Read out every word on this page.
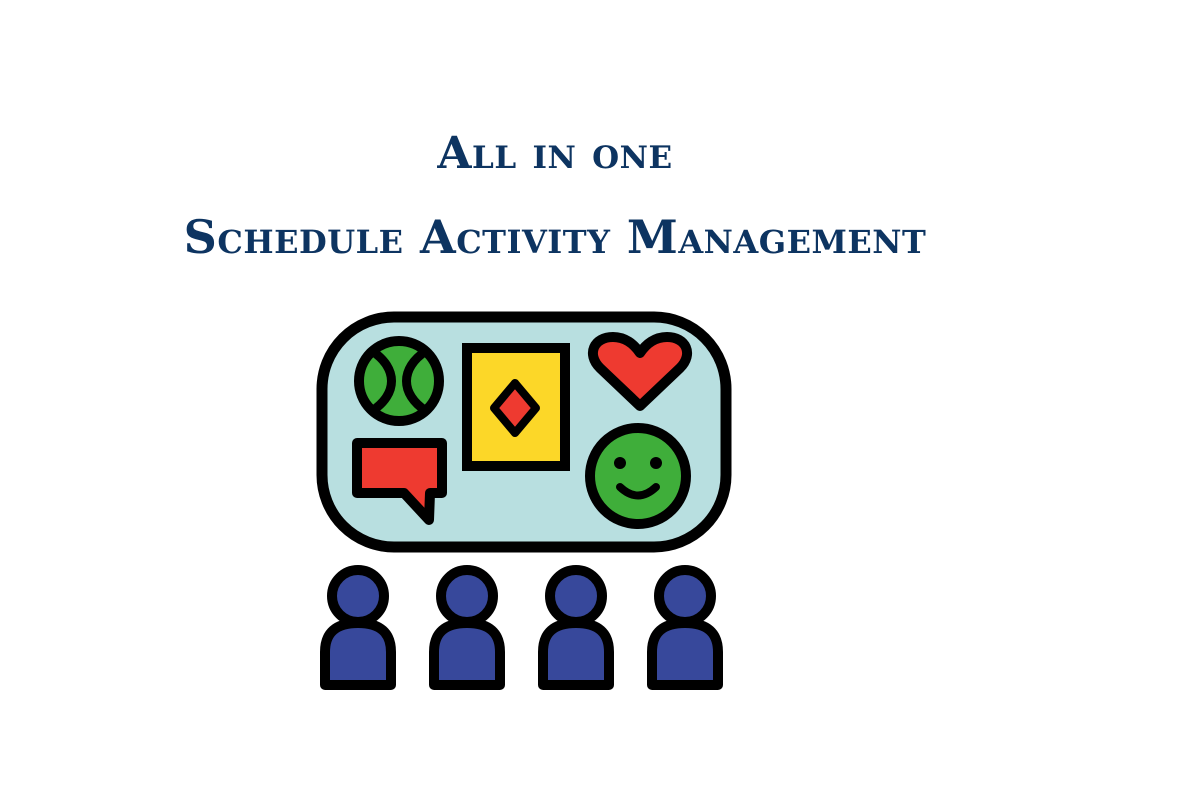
All in one
Schedule Activity Management
